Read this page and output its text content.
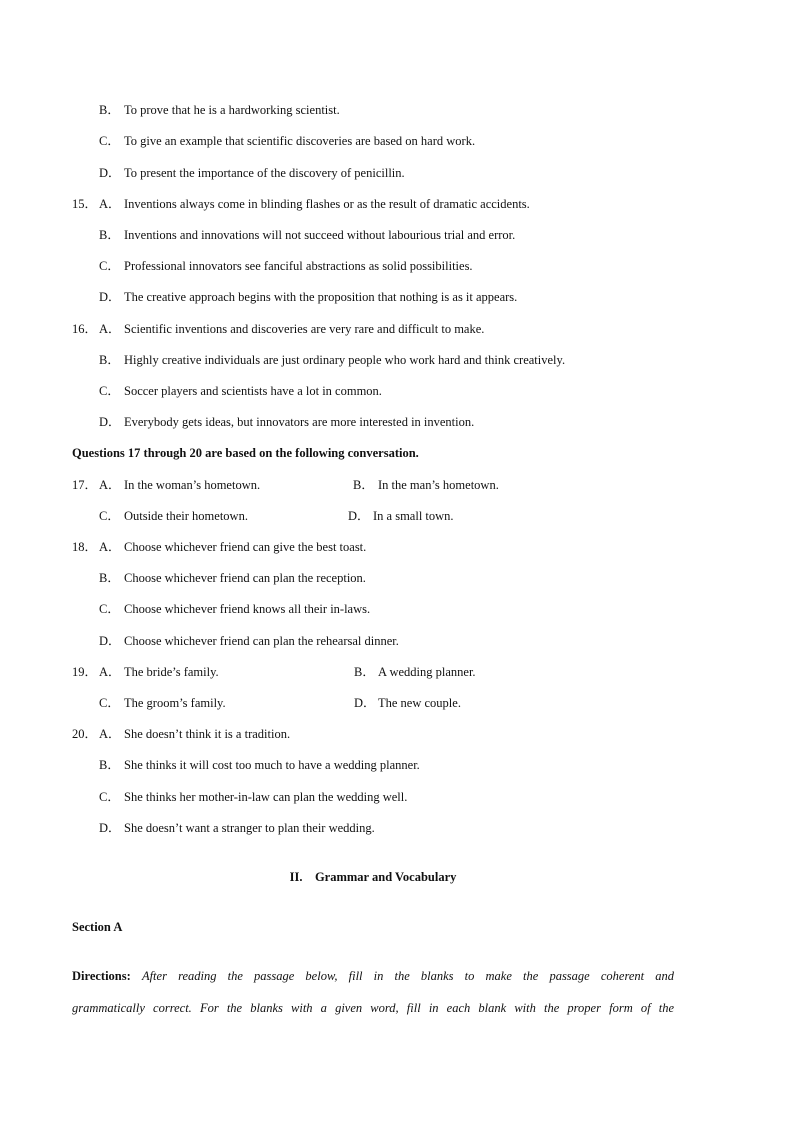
B． To prove that he is a hardworking scientist.
C． To give an example that scientific discoveries are based on hard work.
D． To present the importance of the discovery of penicillin.
15． A． Inventions always come in blinding flashes or as the result of dramatic accidents.
B． Inventions and innovations will not succeed without labourious trial and error.
C． Professional innovators see fanciful abstractions as solid possibilities.
D． The creative approach begins with the proposition that nothing is as it appears.
16． A． Scientific inventions and discoveries are very rare and difficult to make.
B． Highly creative individuals are just ordinary people who work hard and think creatively.
C． Soccer players and scientists have a lot in common.
D． Everybody gets ideas, but innovators are more interested in invention.
Questions 17 through 20 are based on the following conversation.
17． A． In the woman’s hometown.	B． In the man’s hometown.
C． Outside their hometown.	D． In a small town.
18． A． Choose whichever friend can give the best toast.
B． Choose whichever friend can plan the reception.
C． Choose whichever friend knows all their in-laws.
D． Choose whichever friend can plan the rehearsal dinner.
19． A． The bride’s family.	B． A wedding planner.
C． The groom’s family.	D． The new couple.
20． A． She doesn’t think it is a tradition.
B． She thinks it will cost too much to have a wedding planner.
C． She thinks her mother-in-law can plan the wedding well.
D． She doesn’t want a stranger to plan their wedding.
II.    Grammar and Vocabulary
Section A
Directions: After reading the passage below, fill in the blanks to make the passage coherent and
grammatically correct. For the blanks with a given word, fill in each blank with the proper form of the
